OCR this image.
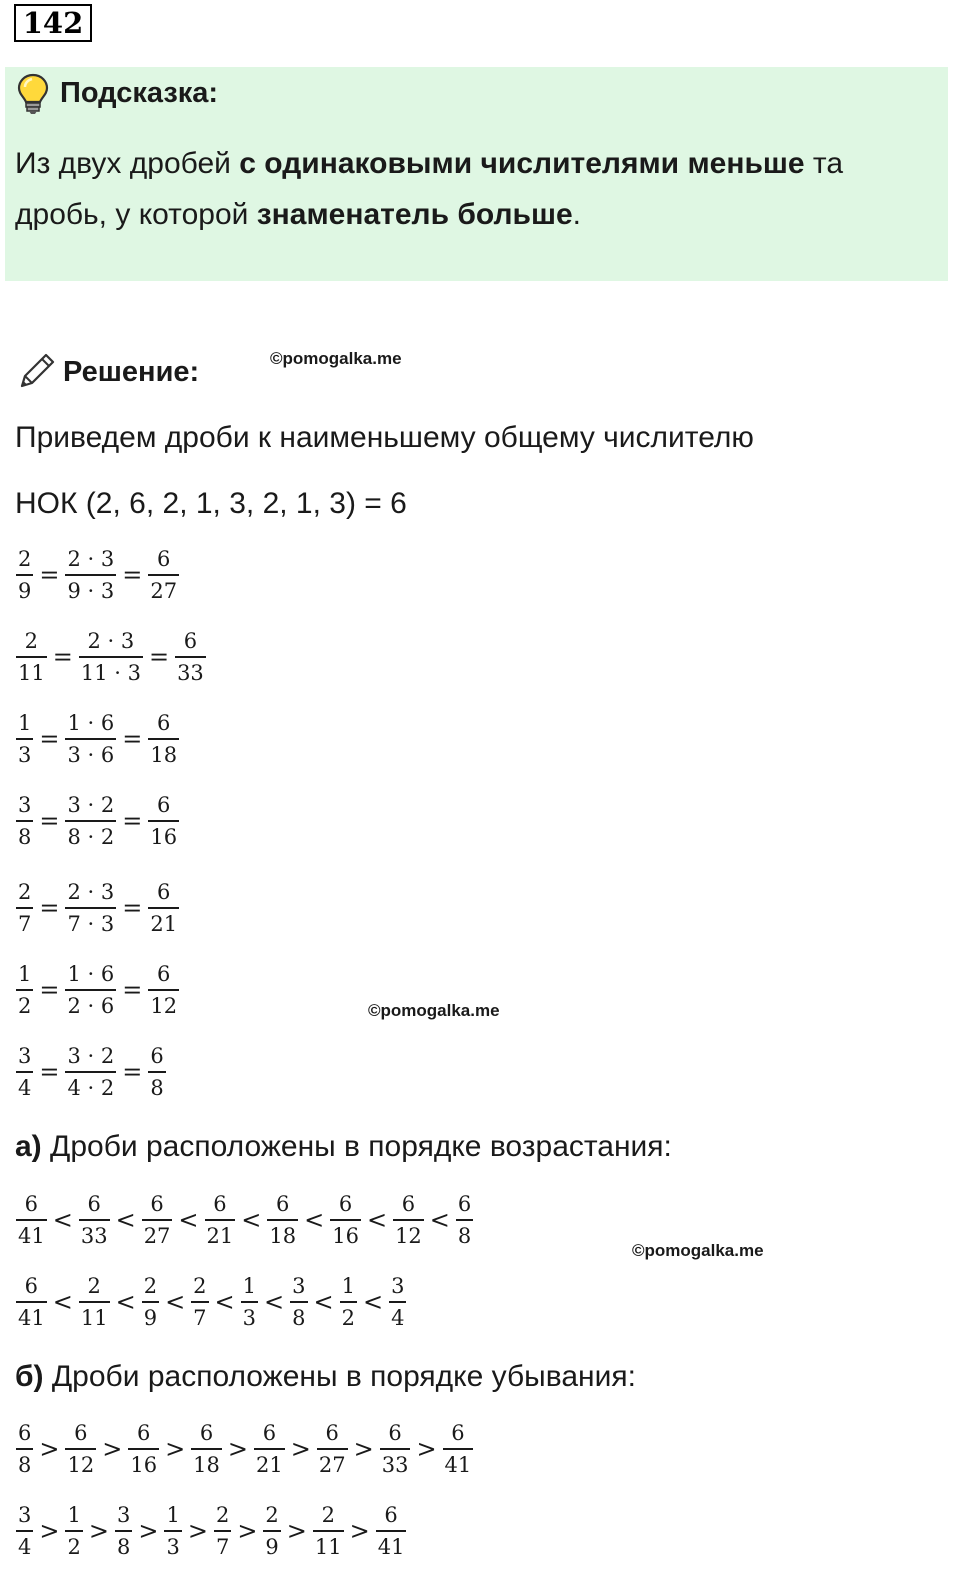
142
Подсказка:
Из двух дробей с одинаковыми числителями меньше та дробь, у которой знаменатель больше.
Решение:	©pomogalka.me
Приведем дроби к наименьшему общему числителю
НОК (2, 6, 2, 1, 3, 2, 1, 3) = 6
$\frac{2}{9} = \frac{2 \cdot 3}{9 \cdot 3} = \frac{6}{27}$
$\frac{2}{11} = \frac{2 \cdot 3}{11 \cdot 3} = \frac{6}{33}$
$\frac{1}{3} = \frac{1 \cdot 6}{3 \cdot 6} = \frac{6}{18}$
$\frac{3}{8} = \frac{3 \cdot 2}{8 \cdot 2} = \frac{6}{16}$
$\frac{2}{7} = \frac{2 \cdot 3}{7 \cdot 3} = \frac{6}{21}$
$\frac{1}{2} = \frac{1 \cdot 6}{2 \cdot 6} = \frac{6}{12}$	©pomogalka.me
$\frac{3}{4} = \frac{3 \cdot 2}{4 \cdot 2} = \frac{6}{8}$
а) Дроби расположены в порядке возрастания:
$\frac{6}{41} < \frac{6}{33} < \frac{6}{27} < \frac{6}{21} < \frac{6}{18} < \frac{6}{16} < \frac{6}{12} < \frac{6}{8}$
©pomogalka.me
$\frac{6}{41} < \frac{2}{11} < \frac{2}{9} < \frac{2}{7} < \frac{1}{3} < \frac{3}{8} < \frac{1}{2} < \frac{3}{4}$
б) Дроби расположены в порядке убывания:
$\frac{6}{8} > \frac{6}{12} > \frac{6}{16} > \frac{6}{18} > \frac{6}{21} > \frac{6}{27} > \frac{6}{33} > \frac{6}{41}$
$\frac{3}{4} > \frac{1}{2} > \frac{3}{8} > \frac{1}{3} > \frac{2}{7} > \frac{2}{9} > \frac{2}{11} > \frac{6}{41}$
